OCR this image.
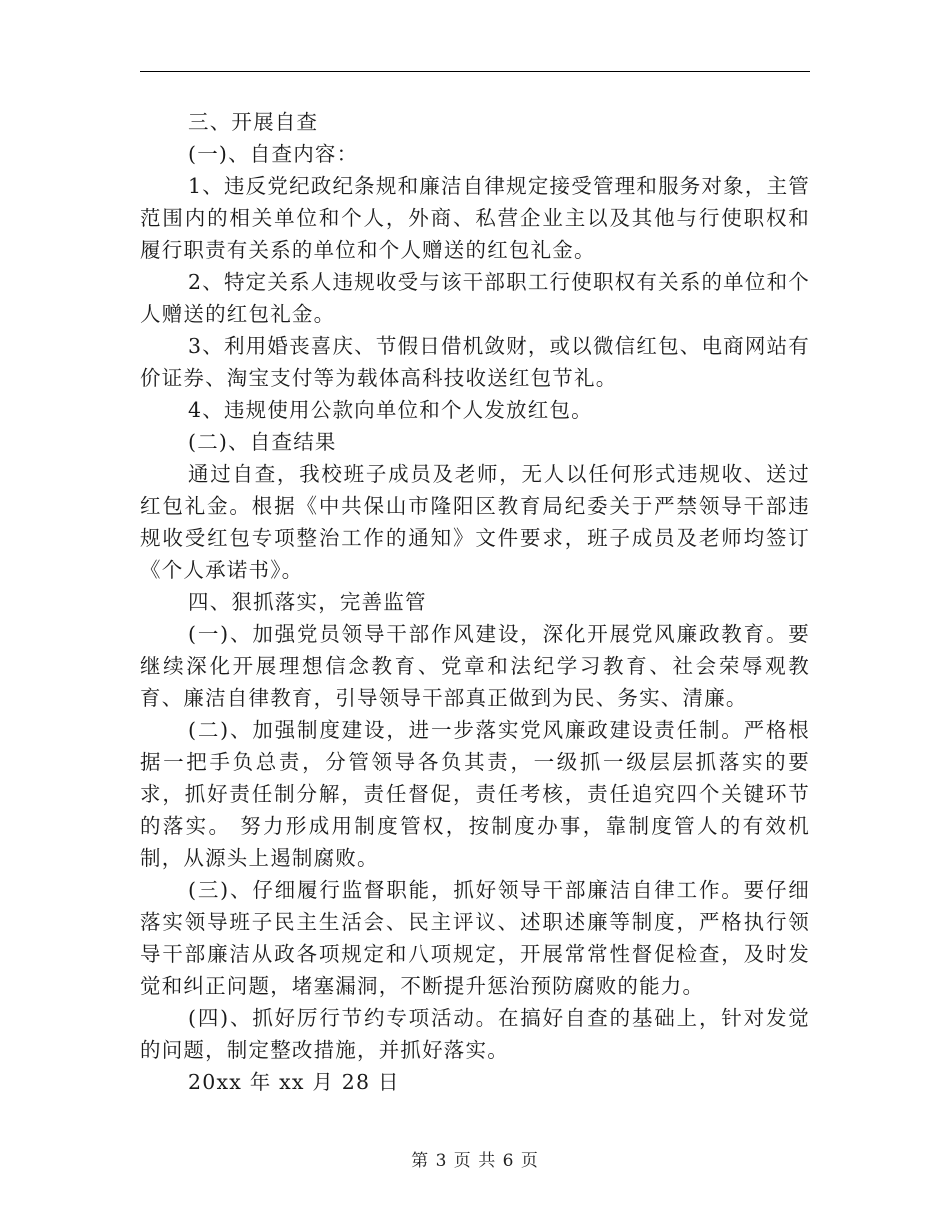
三、开展自查

(一)、自查内容：

1、违反党纪政纪条规和廉洁自律规定接受管理和服务对象，主管范围内的相关单位和个人，外商、私营企业主以及其他与行使职权和履行职责有关系的单位和个人赠送的红包礼金。

2、特定关系人违规收受与该干部职工行使职权有关系的单位和个人赠送的红包礼金。

3、利用婚丧喜庆、节假日借机敛财，或以微信红包、电商网站有价证券、淘宝支付等为载体高科技收送红包节礼。

4、违规使用公款向单位和个人发放红包。

(二)、自查结果

通过自查，我校班子成员及老师，无人以任何形式违规收、送过红包礼金。根据《中共保山市隆阳区教育局纪委关于严禁领导干部违规收受红包专项整治工作的通知》文件要求，班子成员及老师均签订《个人承诺书》。

四、狠抓落实，完善监管

(一)、加强党员领导干部作风建设，深化开展党风廉政教育。要继续深化开展理想信念教育、党章和法纪学习教育、社会荣辱观教育、廉洁自律教育，引导领导干部真正做到为民、务实、清廉。

(二)、加强制度建设，进一步落实党风廉政建设责任制。严格根据一把手负总责，分管领导各负其责，一级抓一级层层抓落实的要求，抓好责任制分解，责任督促，责任考核，责任追究四个关键环节的落实。 努力形成用制度管权，按制度办事，靠制度管人的有效机制，从源头上遏制腐败。

(三)、仔细履行监督职能，抓好领导干部廉洁自律工作。要仔细落实领导班子民主生活会、民主评议、述职述廉等制度，严格执行领导干部廉洁从政各项规定和八项规定，开展常常性督促检查，及时发觉和纠正问题，堵塞漏洞，不断提升惩治预防腐败的能力。

(四)、抓好厉行节约专项活动。在搞好自查的基础上，针对发觉的问题，制定整改措施，并抓好落实。

20xx 年 xx 月 28 日

第 3 页 共 6 页
